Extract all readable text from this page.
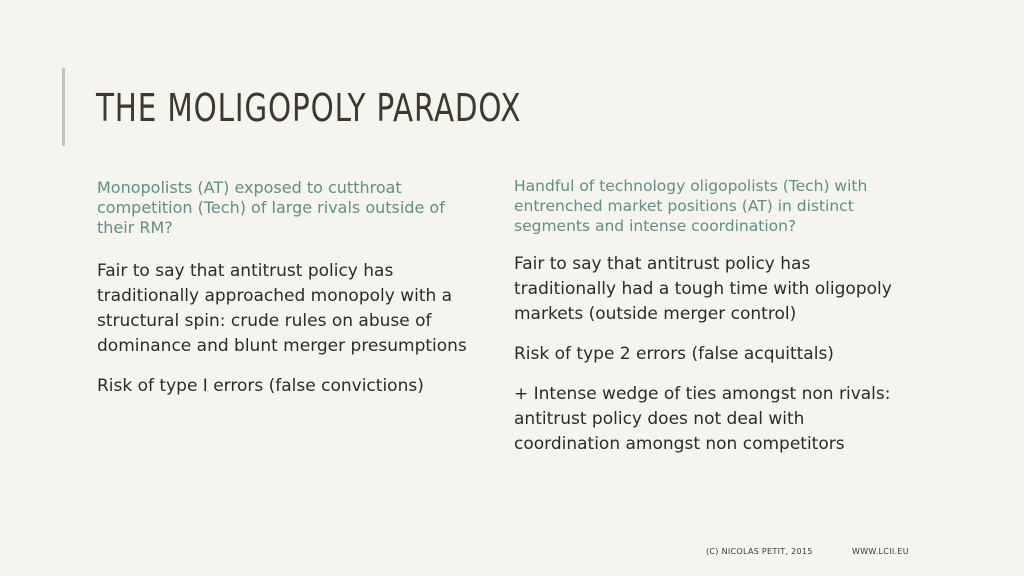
THE MOLIGOPOLY PARADOX

Monopolists (AT) exposed to cutthroat competition (Tech) of large rivals outside of their RM?

Fair to say that antitrust policy has traditionally approached monopoly with a structural spin: crude rules on abuse of dominance and blunt merger presumptions

Risk of type I errors (false convictions)

Handful of technology oligopolists (Tech) with entrenched market positions (AT) in distinct segments and intense coordination?

Fair to say that antitrust policy has traditionally had a tough time with oligopoly markets (outside merger control)

Risk of type 2 errors (false acquittals)

+ Intense wedge of ties amongst non rivals: antitrust policy does not deal with coordination amongst non competitors

(C) NICOLAS PETIT, 2015	WWW.LCII.EU
